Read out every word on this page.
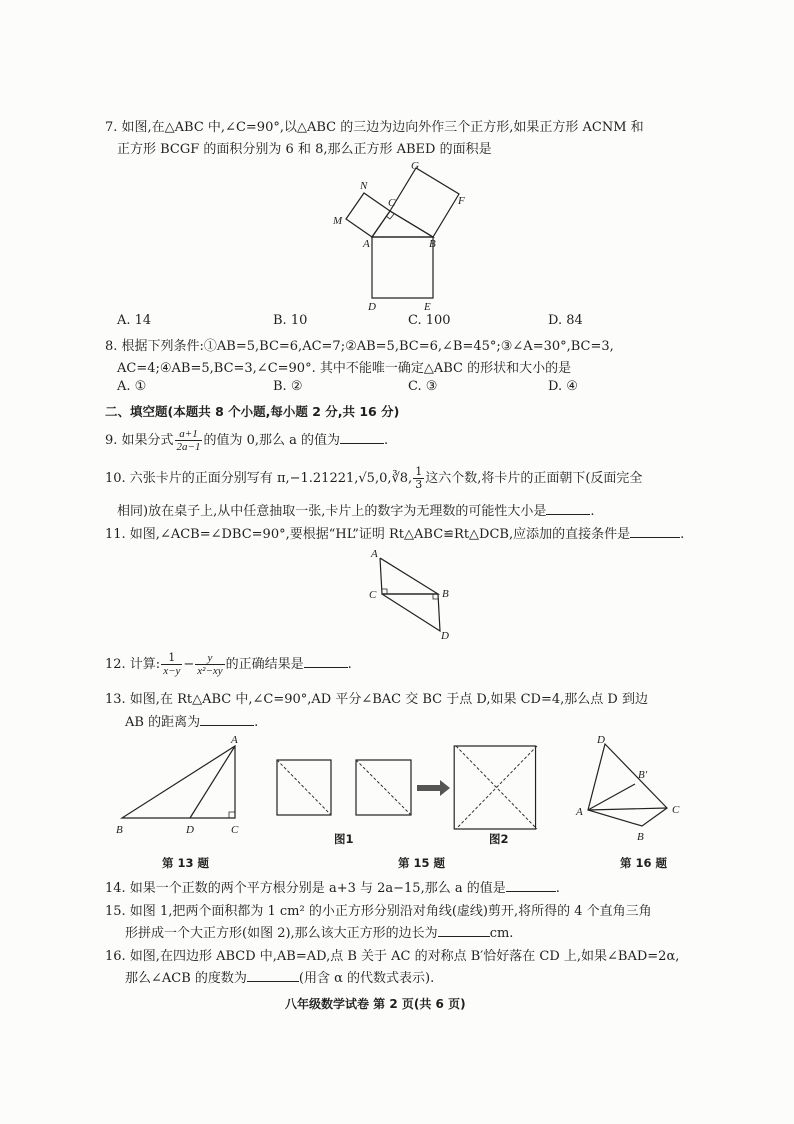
7. 如图,在△ABC 中,∠C=90°,以△ABC 的三边为边向外作三个正方形,如果正方形 ACNM 和
正方形 BCGF 的面积分别为 6 和 8,那么正方形 ABED 的面积是
G
N
F
C
M
A	B
D	E
A. 14	B. 10	C. 100	D. 84
8. 根据下列条件:①AB=5,BC=6,AC=7;②AB=5,BC=6,∠B=45°;③∠A=30°,BC=3,
AC=4;④AB=5,BC=3,∠C=90°. 其中不能唯一确定△ABC 的形状和大小的是
A. ①	B. ②	C. ③	D. ④
二、填空题(本题共 8 个小题,每小题 2 分,共 16 分)
9. 如果分式 $\frac{a+1}{2a-1}$ 的值为 0,那么 a 的值为	.
10. 六张卡片的正面分别写有 π,−1.21221,√5,0,∛8, $\frac{1}{3}$ 这六个数,将卡片的正面朝下(反面完全
相同)放在桌子上,从中任意抽取一张,卡片上的数字为无理数的可能性大小是	.
11. 如图,∠ACB=∠DBC=90°,要根据“HL”证明 Rt△ABC≌Rt△DCB,应添加的直接条件是	.
A
C	B
D
12. 计算: $\frac{1}{x-y} - \frac{y}{\text{x²−xy}}$ 的正确结果是	.
13. 如图,在 Rt△ABC 中,∠C=90°,AD 平分∠BAC 交 BC 于点 D,如果 CD=4,那么点 D 到边
AB 的距离为	.
A
B	D	C
图1	图2
D
B′
A	C
B
第 13 题	第 15 题	第 16 题
14. 如果一个正数的两个平方根分别是 a+3 与 2a−15,那么 a 的值是	.
15. 如图 1,把两个面积都为 1 cm² 的小正方形分别沿对角线(虚线)剪开,将所得的 4 个直角三角
形拼成一个大正方形(如图 2),那么该大正方形的边长为	cm.
16. 如图,在四边形 ABCD 中,AB=AD,点 B 关于 AC 的对称点 B′恰好落在 CD 上,如果∠BAD=2α,
那么∠ACB 的度数为	(用含 α 的代数式表示).
八年级数学试卷 第 2 页(共 6 页)
